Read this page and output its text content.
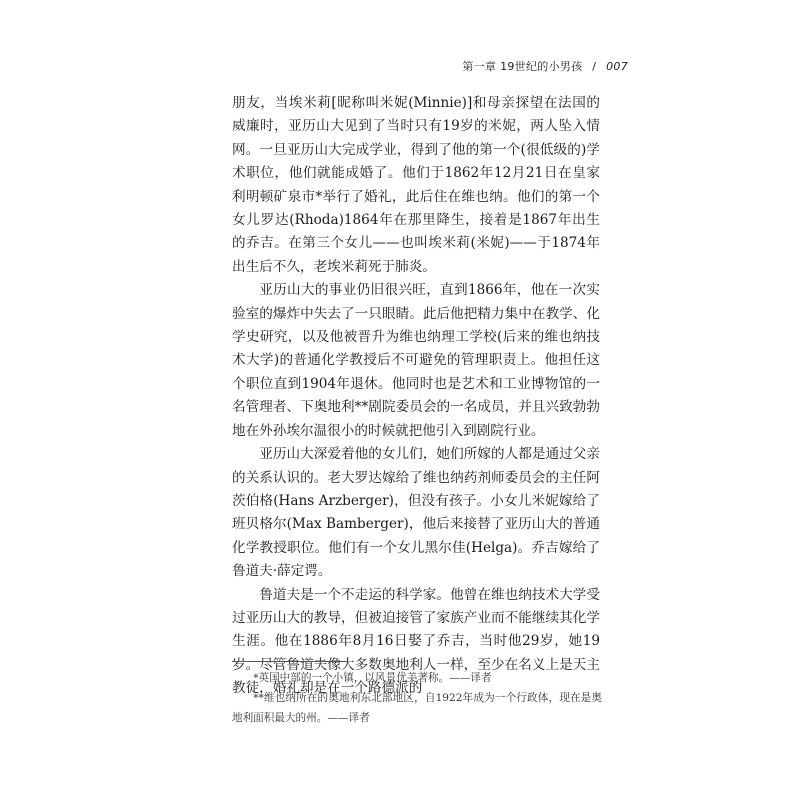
第一章 19世纪的小男孩 / 007

朋友，当埃米莉[昵称叫米妮(Minnie)]和母亲探望在法国的威廉时，亚历山大见到了当时只有19岁的米妮，两人坠入情网。一旦亚历山大完成学业，得到了他的第一个(很低级的)学术职位，他们就能成婚了。他们于1862年12月21日在皇家利明顿矿泉市*举行了婚礼，此后住在维也纳。他们的第一个女儿罗达(Rhoda)1864年在那里降生，接着是1867年出生的乔吉。在第三个女儿——也叫埃米莉(米妮)——于1874年出生后不久，老埃米莉死于肺炎。

亚历山大的事业仍旧很兴旺，直到1866年，他在一次实验室的爆炸中失去了一只眼睛。此后他把精力集中在教学、化学史研究，以及他被晋升为维也纳理工学校(后来的维也纳技术大学)的普通化学教授后不可避免的管理职责上。他担任这个职位直到1904年退休。他同时也是艺术和工业博物馆的一名管理者、下奥地利**剧院委员会的一名成员，并且兴致勃勃地在外孙埃尔温很小的时候就把他引入到剧院行业。

亚历山大深爱着他的女儿们，她们所嫁的人都是通过父亲的关系认识的。老大罗达嫁给了维也纳药剂师委员会的主任阿茨伯格(Hans Arzberger)，但没有孩子。小女儿米妮嫁给了班贝格尔(Max Bamberger)，他后来接替了亚历山大的普通化学教授职位。他们有一个女儿黑尔佳(Helga)。乔吉嫁给了鲁道夫·薛定谔。

鲁道夫是一个不走运的科学家。他曾在维也纳技术大学受过亚历山大的教导，但被迫接管了家族产业而不能继续其化学生涯。他在1886年8月16日娶了乔吉，当时他29岁，她19岁。尽管鲁道夫像大多数奥地利人一样，至少在名义上是天主教徒，婚礼却是在一个路德派的

*英国中部的一个小镇，以风景优美著称。——译者

**维也纳所在的奥地利东北部地区，自1922年成为一个行政体，现在是奥地利面积最大的州。——译者
